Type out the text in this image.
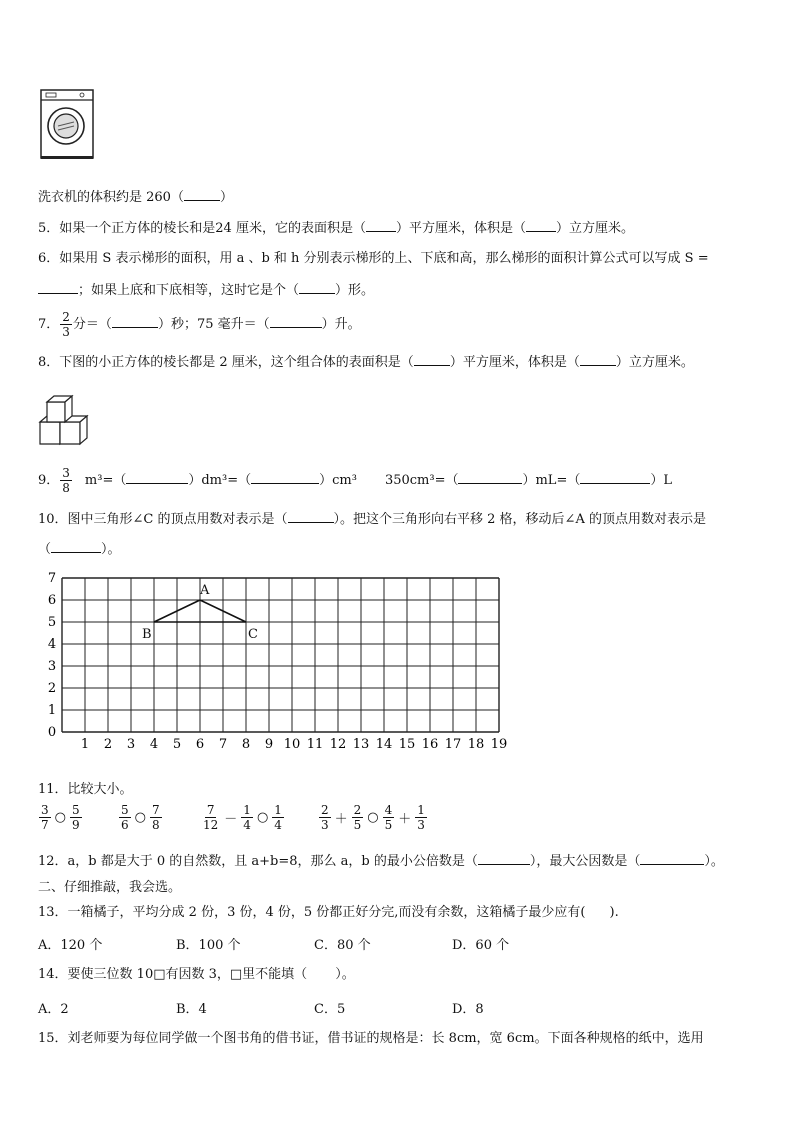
洗衣机的体积约是 260（	）
5．如果一个正方体的棱长和是24 厘米，它的表面积是（ ）平方厘米，体积是（ ）立方厘米。
6．如果用 S 表示梯形的面积，用 a 、b 和 h 分别表示梯形的上、下底和高，那么梯形的面积计算公式可以写成 S =
；如果上底和下底相等，这时它是个（	）形。
7． $\frac{2}{3}$ 分＝（	）秒；75 毫升＝（	）升。
8．下图的小正方体的棱长都是 2 厘米，这个组合体的表面积是（	）平方厘米，体积是（	）立方厘米。
9． $\frac{3}{8} m^3=$（	）dm³=（	）cm³ 350cm³=（	）mL=（	）L
10．图中三角形∠C 的顶点用数对表示是（	）。把这个三角形向右平移 2 格，移动后∠A 的顶点用数对表示是
（	）。
1 2 3 4 5 6 7 8 9 10 11 12 13 14 15 16 17 18 19
0
1
2
3
4
5
6
7
A
B	C
11．比较大小。
$\frac{3}{7}$ ○ $\frac{5}{9}$	$\frac{5}{6}$ ○ $\frac{7}{8}$	$\frac{7}{12} - \frac{1}{4}$ ○ $\frac{1}{4}$	$\frac{2}{3} + \frac{2}{5}$ ○ $\frac{4}{5} + \frac{1}{3}$
12．a，b 都是大于 0 的自然数，且 a+b=8，那么 a，b 的最小公倍数是（	），最大公因数是（	）。
二、仔细推敲，我会选。
13．一箱橘子，平均分成 2 份，3 份，4 份，5 份都正好分完,而没有余数，这箱橘子最少应有( ).
A．120 个	B．100 个	C．80 个	D．60 个
14．要使三位数 10□有因数 3，□里不能填（ ）。
A．2	B．4	C．5	D．8
15．刘老师要为每位同学做一个图书角的借书证，借书证的规格是：长 8cm，宽 6cm。下面各种规格的纸中，选用
